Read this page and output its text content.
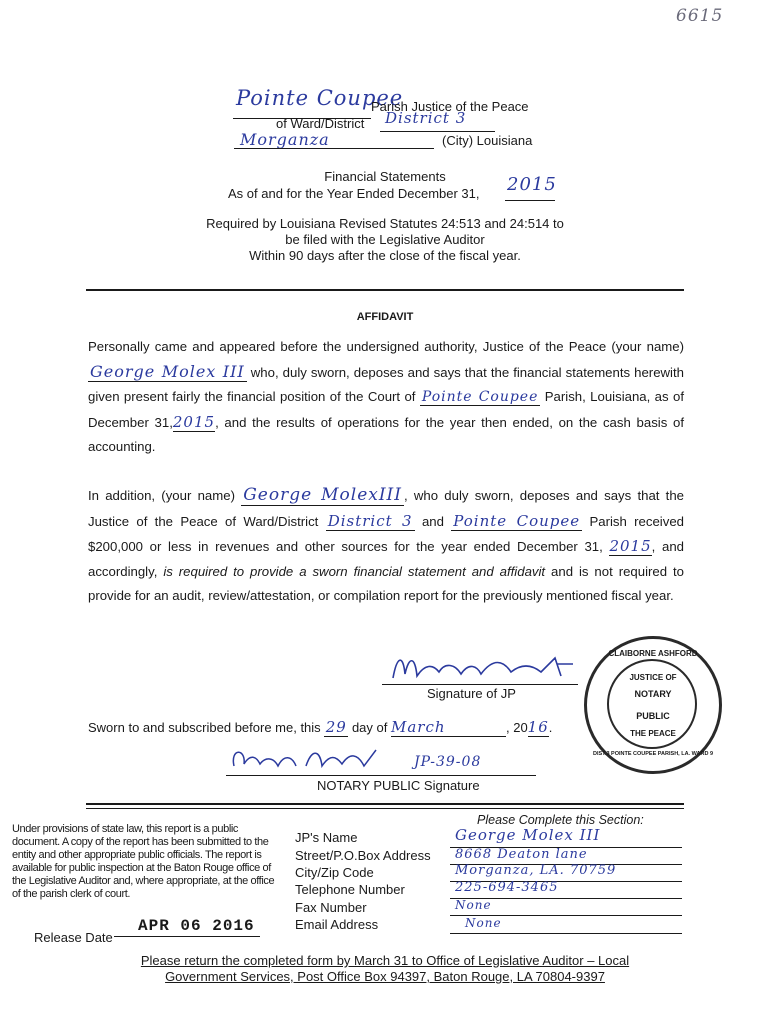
6615
Pointe Coupee
Parish Justice of the Peace
of Ward/District District 3
Morganza	(City) Louisiana
Financial Statements
As of and for the Year Ended December 31, 2015
Required by Louisiana Revised Statutes 24:513 and 24:514 to
be filed with the Legislative Auditor
Within 90 days after the close of the fiscal year.
AFFIDAVIT
Personally came and appeared before the undersigned authority, Justice of the Peace (your name) George Molex III who, duly sworn, deposes and says that the financial statements herewith given present fairly the financial position of the Court of Pointe Coupee Parish, Louisiana, as of December 31,2015, and the results of operations for the year then ended, on the cash basis of accounting.
In addition, (your name) George MolexIII , who duly sworn, deposes and says that the Justice of the Peace of Ward/District District 3 and Pointe Coupee Parish received $200,000 or less in revenues and other sources for the year ended December 31, 2015, and accordingly, is required to provide a sworn financial statement and affidavit and is not required to provide for an audit, review/attestation, or compilation report for the previously mentioned fiscal year.
Signature of JP
Sworn to and subscribed before me, this 29 day of March	, 2016.
JP-39-08
NOTARY PUBLIC Signature
CLAIBORNE ASHFORD
JUSTICE OF
NOTARY
PUBLIC
THE PEACE
DIST.3 POINTE COUPEE PARISH, LA. WARD 9
Under provisions of state law, this report is a public document. A copy of the report has been submitted to the entity and other appropriate public officials. The report is available for public inspection at the Baton Rouge office of the Legislative Auditor and, where appropriate, at the office of the parish clerk of court.
Release Date
APR 06 2016
Please Complete this Section:
JP's Name
Street/P.O.Box Address
City/Zip Code
Telephone Number
Fax Number
Email Address
George Molex III
8668 Deaton lane
Morganza, LA. 70759
225-694-3465
None
None
Please return the completed form by March 31 to Office of Legislative Auditor – Local
Government Services, Post Office Box 94397, Baton Rouge, LA 70804-9397
